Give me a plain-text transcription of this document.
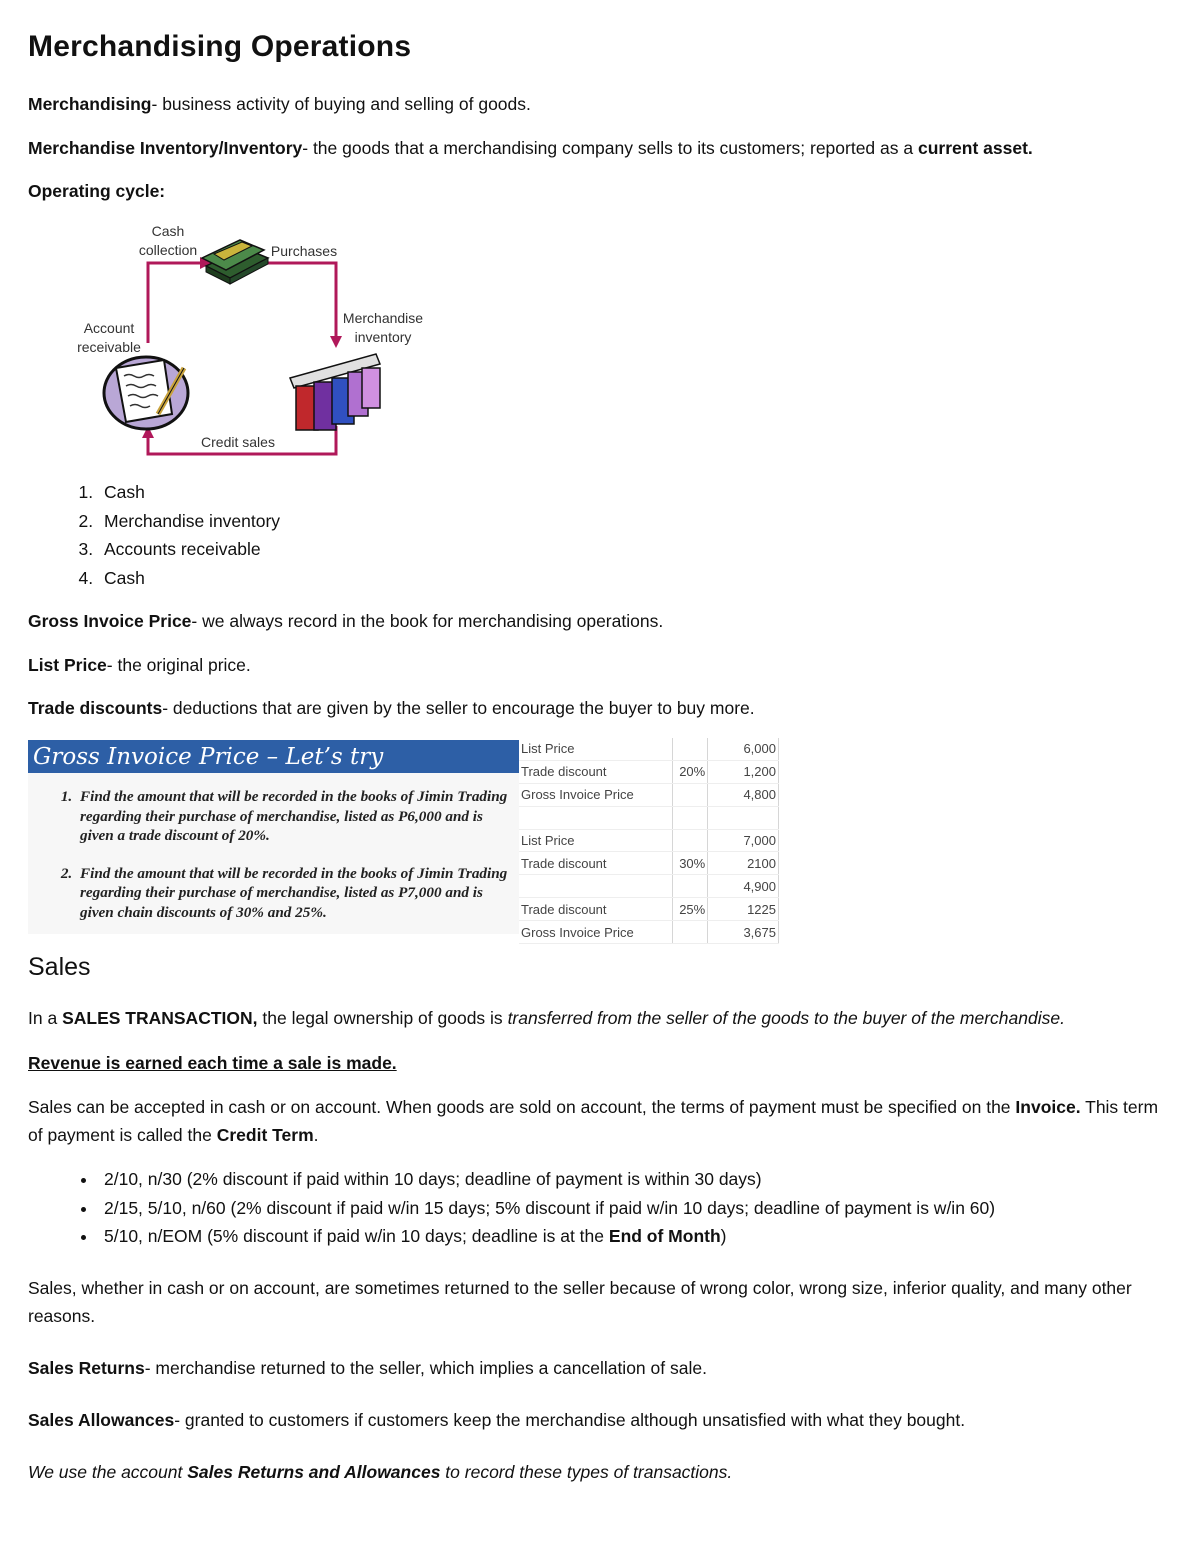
Merchandising Operations

Merchandising- business activity of buying and selling of goods.

Merchandise Inventory/Inventory- the goods that a merchandising company sells to its customers; reported as a current asset.

Operating cycle:

Cash
collection	Purchases
Merchandise
inventory
Account
receivable
Credit sales
1. Cash
2. Merchandise inventory
3. Accounts receivable
4. Cash

Gross Invoice Price- we always record in the book for merchandising operations.

List Price- the original price.

Trade discounts- deductions that are given by the seller to encourage the buyer to buy more.

Gross Invoice Price – Let’s try
1. Find the amount that will be recorded in the books of Jimin Trading regarding their purchase of merchandise, listed as P6,000 and is given a trade discount of 20%.
2. Find the amount that will be recorded in the books of Jimin Trading regarding their purchase of merchandise, listed as P7,000 and is given chain discounts of 30% and 25%.
List Price		6,000
Trade discount	20%	1,200
Gross Invoice Price		4,800

List Price		7,000
Trade discount	30%	2100
		4,900
Trade discount	25%	1225
Gross Invoice Price		3,675
Sales

In a SALES TRANSACTION, the legal ownership of goods is transferred from the seller of the goods to the buyer of the merchandise.

Revenue is earned each time a sale is made.

Sales can be accepted in cash or on account. When goods are sold on account, the terms of payment must be specified on the Invoice. This term of payment is called the Credit Term.

• 2/10, n/30 (2% discount if paid within 10 days; deadline of payment is within 30 days)
• 2/15, 5/10, n/60 (2% discount if paid w/in 15 days; 5% discount if paid w/in 10 days; deadline of payment is w/in 60)
• 5/10, n/EOM (5% discount if paid w/in 10 days; deadline is at the End of Month)

Sales, whether in cash or on account, are sometimes returned to the seller because of wrong color, wrong size, inferior quality, and many other reasons.

Sales Returns- merchandise returned to the seller, which implies a cancellation of sale.

Sales Allowances- granted to customers if customers keep the merchandise although unsatisfied with what they bought.

We use the account Sales Returns and Allowances to record these types of transactions.
